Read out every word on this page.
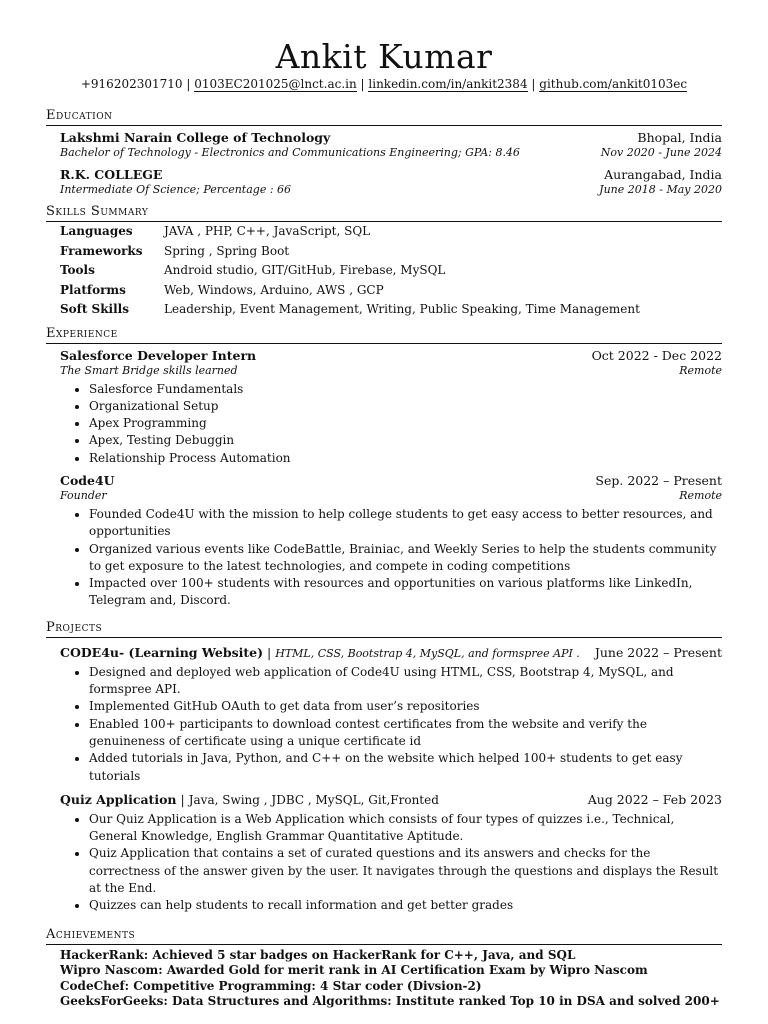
Ankit Kumar
+916202301710 | 0103EC201025@lnct.ac.in | linkedin.com/in/ankit2384 | github.com/ankit0103ec
Education
Lakshmi Narain College of Technology	Bhopal, India
Bachelor of Technology - Electronics and Communications Engineering; GPA: 8.46	Nov 2020 - June 2024
R.K. COLLEGE	Aurangabad, India
Intermediate Of Science; Percentage : 66	June 2018 - May 2020
Skills Summary
Languages	JAVA , PHP, C++, JavaScript, SQL
Frameworks	Spring , Spring Boot
Tools	Android studio, GIT/GitHub, Firebase, MySQL
Platforms	Web, Windows, Arduino, AWS , GCP
Soft Skills	Leadership, Event Management, Writing, Public Speaking, Time Management
Experience
Salesforce Developer Intern	Oct 2022 - Dec 2022
The Smart Bridge skills learned	Remote
• Salesforce Fundamentals
• Organizational Setup
• Apex Programming
• Apex, Testing Debuggin
• Relationship Process Automation
Code4U	Sep. 2022 – Present
Founder	Remote
• Founded Code4U with the mission to help college students to get easy access to better resources, and opportunities
• Organized various events like CodeBattle, Brainiac, and Weekly Series to help the students community to get exposure to the latest technologies, and compete in coding competitions
• Impacted over 100+ students with resources and opportunities on various platforms like LinkedIn, Telegram and, Discord.
Projects
CODE4u- (Learning Website) | HTML, CSS, Bootstrap 4, MySQL, and formspree API . June 2022 – Present
• Designed and deployed web application of Code4U using HTML, CSS, Bootstrap 4, MySQL, and formspree API.
• Implemented GitHub OAuth to get data from user’s repositories
• Enabled 100+ participants to download contest certificates from the website and verify the genuineness of certificate using a unique certificate id
• Added tutorials in Java, Python, and C++ on the website which helped 100+ students to get easy tutorials
Quiz Application | Java, Swing , JDBC , MySQL, Git,Fronted	Aug 2022 – Feb 2023
• Our Quiz Application is a Web Application which consists of four types of quizzes i.e., Technical, General Knowledge, English Grammar Quantitative Aptitude.
• Quiz Application that contains a set of curated questions and its answers and checks for the correctness of the answer given by the user. It navigates through the questions and displays the Result at the End.
• Quizzes can help students to recall information and get better grades
Achievements
HackerRank: Achieved 5 star badges on HackerRank for C++, Java, and SQL
Wipro Nascom: Awarded Gold for merit rank in AI Certification Exam by Wipro Nascom
CodeChef: Competitive Programming: 4 Star coder (Divsion-2)
GeeksForGeeks: Data Structures and Algorithms: Institute ranked Top 10 in DSA and solved 200+
